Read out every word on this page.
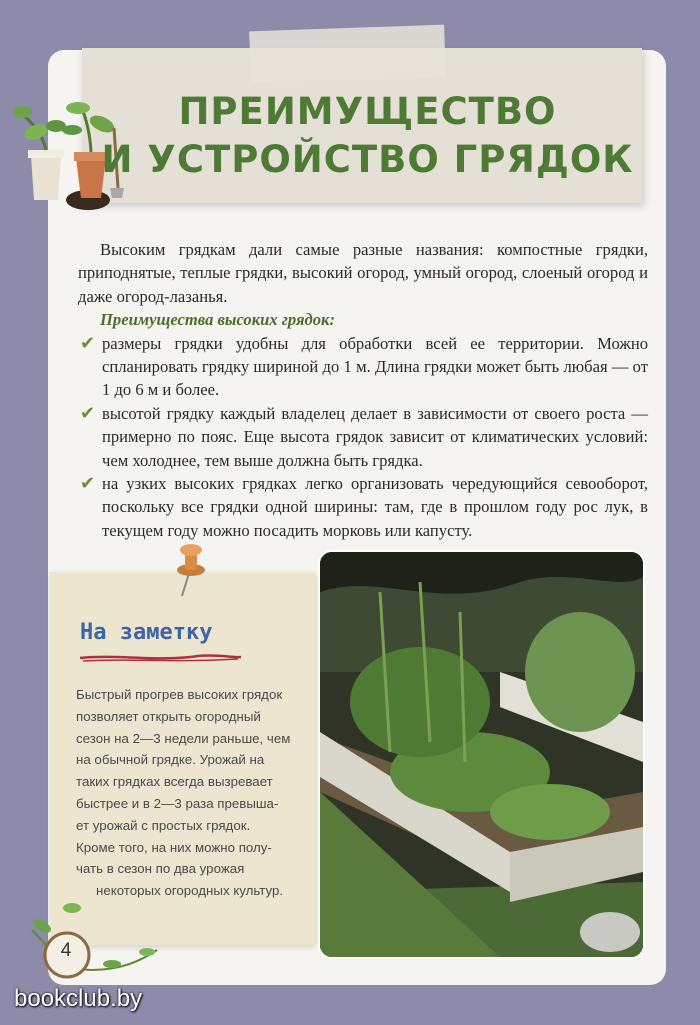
ПРЕИМУЩЕСТВО
И УСТРОЙСТВО ГРЯДОК

Высоким грядкам дали самые разные названия: компостные грядки, приподнятые, теплые грядки, высокий огород, умный огород, слоеный огород и даже огород-лазанья.

Преимущества высоких грядок:

✔ размеры грядки удобны для обработки всей ее территории. Можно спланировать грядку шириной до 1 м. Длина грядки может быть любая — от 1 до 6 м и более.
✔ высотой грядку каждый владелец делает в зависимости от своего роста — примерно по пояс. Еще высота грядок зависит от климатических условий: чем холоднее, тем выше должна быть грядка.
✔ на узких высоких грядках легко организовать чередующийся севооборот, поскольку все грядки одной ширины: там, где в прошлом году рос лук, в текущем году можно посадить морковь или капусту.
На заметку
Быстрый прогрев высоких грядок
позволяет открыть огородный
сезон на 2—3 недели раньше, чем
на обычной грядке. Урожай на
таких грядках всегда вызревает
быстрее и в 2—3 раза превыша-
ет урожай с простых грядок.
Кроме того, на них можно полу-
чать в сезон по два урожая
некоторых огородных культур.
4
bookclub.by
